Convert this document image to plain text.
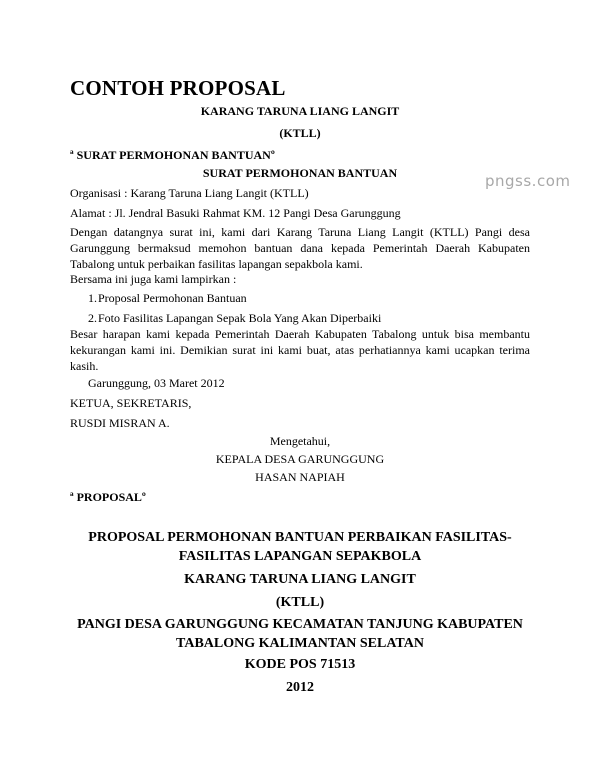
CONTOH PROPOSAL
KARANG TARUNA LIANG LANGIT
(KTLL)
ª SURAT PERMOHONAN BANTUANº
SURAT PERMOHONAN BANTUAN	pngss.com
Organisasi : Karang Taruna Liang Langit (KTLL)
Alamat : Jl. Jendral Basuki Rahmat KM. 12 Pangi Desa Garunggung
Dengan datangnya surat ini, kami dari Karang Taruna Liang Langit (KTLL) Pangi desa Garunggung bermaksud memohon bantuan dana kepada Pemerintah Daerah Kabupaten Tabalong untuk perbaikan fasilitas lapangan sepakbola kami.
Bersama ini juga kami lampirkan :
1. Proposal Permohonan Bantuan
2. Foto Fasilitas Lapangan Sepak Bola Yang Akan Diperbaiki
Besar harapan kami kepada Pemerintah Daerah Kabupaten Tabalong untuk bisa membantu kekurangan kami ini. Demikian surat ini kami buat, atas perhatiannya kami ucapkan terima kasih.
Garunggung, 03 Maret 2012
KETUA, SEKRETARIS,
RUSDI MISRAN A.
Mengetahui,
KEPALA DESA GARUNGGUNG
HASAN NAPIAH
ª PROPOSALº
PROPOSAL PERMOHONAN BANTUAN PERBAIKAN FASILITAS-
FASILITAS LAPANGAN SEPAKBOLA
KARANG TARUNA LIANG LANGIT
(KTLL)
PANGI DESA GARUNGGUNG KECAMATAN TANJUNG KABUPATEN
TABALONG KALIMANTAN SELATAN
KODE POS 71513
2012
